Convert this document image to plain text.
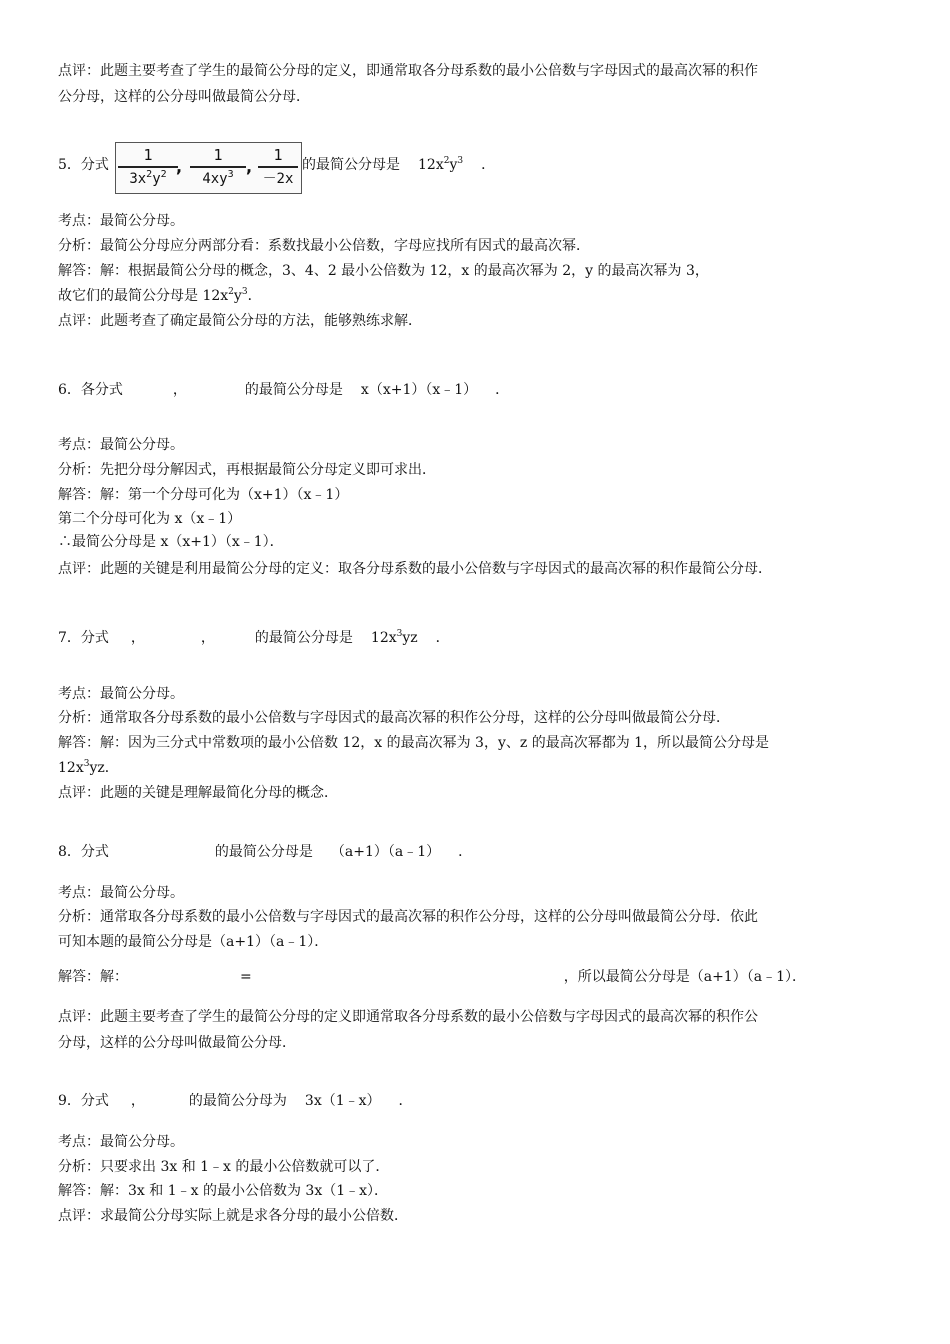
点评：此题主要考查了学生的最简公分母的定义，即通常取各分母系数的最小公倍数与字母因式的最高次幂的积作
公分母，这样的公分母叫做最简公分母．
5．分式
1
$3x^2y^2$ ,
1
$4xy^3$ ,
1
－2x
的最简公分母是 $12x^2y^3$ ．
考点：最简公分母。
分析：最简公分母应分两部分看：系数找最小公倍数，字母应找所有因式的最高次幂．
解答：解：根据最简公分母的概念，3、4、2 最小公倍数为 12，x 的最高次幂为 2，y 的最高次幂为 3，
故它们的最简公分母是 $12x^2y^3$．
点评：此题考查了确定最简公分母的方法，能够熟练求解．
6．各分式	，	的最简公分母是 x（x+1）（x﹣1） ．
考点：最简公分母。
分析：先把分母分解因式，再根据最简公分母定义即可求出．
解答：解：第一个分母可化为（x+1）（x﹣1）
第二个分母可化为 x（x﹣1）
∴最简公分母是 x（x+1）（x﹣1）．
点评：此题的关键是利用最简公分母的定义：取各分母系数的最小公倍数与字母因式的最高次幂的积作最简公分母．
7．分式 ，	，	的最简公分母是 $12x^3yz$ ．
考点：最简公分母。
分析：通常取各分母系数的最小公倍数与字母因式的最高次幂的积作公分母，这样的公分母叫做最简公分母．
解答：解：因为三分式中常数项的最小公倍数 12，x 的最高次幂为 3，y、z 的最高次幂都为 1，所以最简公分母是
$12x^3yz$．
点评：此题的关键是理解最简化分母的概念．
8．分式	的最简公分母是 （a+1）（a﹣1） ．
考点：最简公分母。
分析：通常取各分母系数的最小公倍数与字母因式的最高次幂的积作公分母，这样的公分母叫做最简公分母．依此
可知本题的最简公分母是（a+1）（a﹣1）．
解答：解：	=	，所以最简公分母是（a+1）（a﹣1）．
点评：此题主要考查了学生的最简公分母的定义即通常取各分母系数的最小公倍数与字母因式的最高次幂的积作公
分母，这样的公分母叫做最简公分母．
9．分式 ，	的最简公分母为 3x（1﹣x） ．
考点：最简公分母。
分析：只要求出 3x 和 1﹣x 的最小公倍数就可以了．
解答：解：3x 和 1﹣x 的最小公倍数为 3x（1﹣x）．
点评：求最简公分母实际上就是求各分母的最小公倍数．
